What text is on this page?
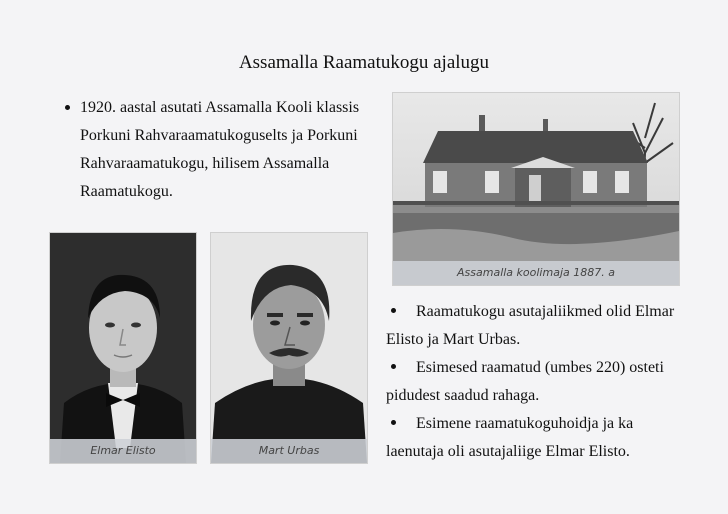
Assamalla Raamatukogu ajalugu
1920. aastal asutati Assamalla Kooli klassis Porkuni Rahvaraamatukoguselts ja Porkuni Rahvaraamatukogu, hilisem Assamalla Raamatukogu.
Assamalla koolimaja 1887. a
Elmar Elisto	Mart Urbas
Raamatukogu asutajaliikmed olid Elmar Elisto ja Mart Urbas.
Esimesed raamatud (umbes 220) osteti pidudest saadud rahaga.
Esimene raamatukoguhoidja ja ka laenutaja oli asutajaliige Elmar Elisto.
